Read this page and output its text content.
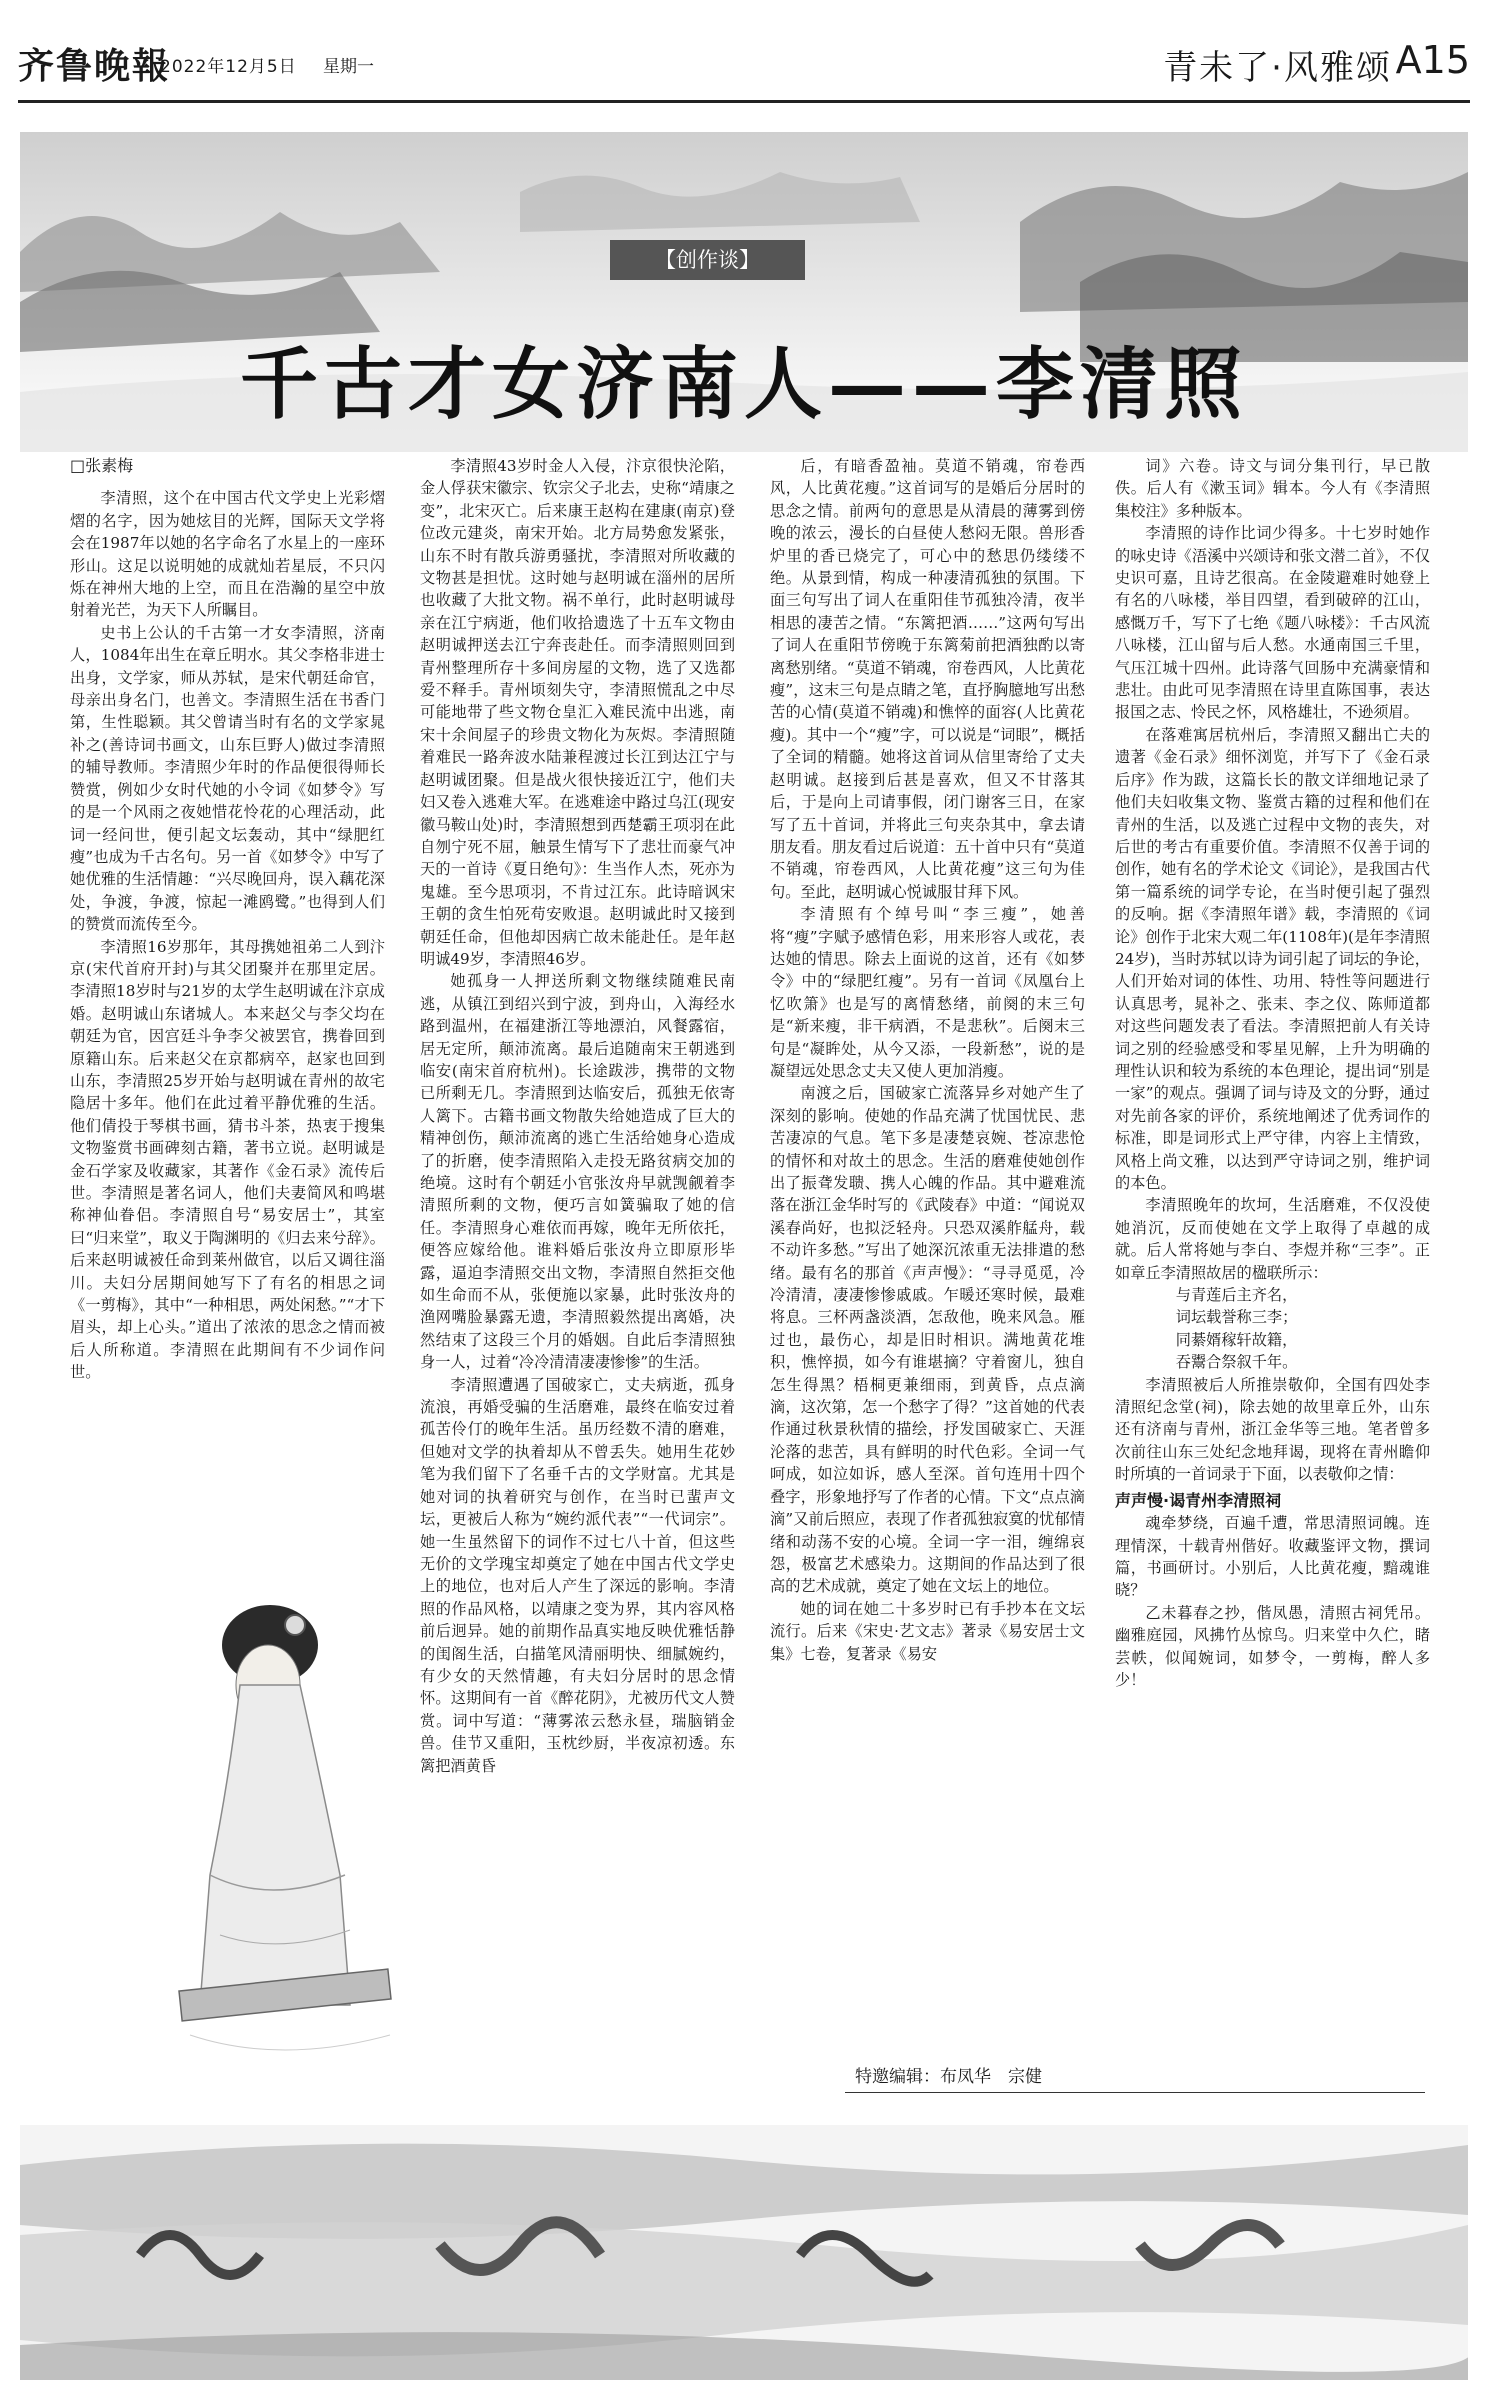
齐鲁晚報
2022年12月5日 星期一	青未了·风雅颂 A15
【创作谈】
千古才女济南人——李清照

□张素梅

李清照，这个在中国古代文学史上光彩熠熠的名字，因为她炫目的光辉，国际天文学将会在1987年以她的名字命名了水星上的一座环形山。这足以说明她的成就灿若星辰，不只闪烁在神州大地的上空，而且在浩瀚的星空中放射着光芒，为天下人所瞩目。

史书上公认的千古第一才女李清照，济南人，1084年出生在章丘明水。其父李格非进士出身，文学家，师从苏轼，是宋代朝廷命官，母亲出身名门，也善文。李清照生活在书香门第，生性聪颖。其父曾请当时有名的文学家晁补之(善诗词书画文，山东巨野人)做过李清照的辅导教师。李清照少年时的作品便很得师长赞赏，例如少女时代她的小令词《如梦令》写的是一个风雨之夜她惜花怜花的心理活动，此词一经问世，便引起文坛轰动，其中“绿肥红瘦”也成为千古名句。另一首《如梦令》中写了她优雅的生活情趣：“兴尽晚回舟，误入藕花深处，争渡，争渡，惊起一滩鸥鹭。”也得到人们的赞赏而流传至今。

李清照16岁那年，其母携她祖弟二人到汴京(宋代首府开封)与其父团聚并在那里定居。李清照18岁时与21岁的太学生赵明诚在汴京成婚。赵明诚山东诸城人。本来赵父与李父均在朝廷为官，因宫廷斗争李父被罢官，携眷回到原籍山东。后来赵父在京都病卒，赵家也回到山东，李清照25岁开始与赵明诚在青州的故宅隐居十多年。他们在此过着平静优雅的生活。他们倩投于琴棋书画，猜书斗茶，热衷于搜集文物鉴赏书画碑刻古籍，著书立说。赵明诚是金石学家及收藏家，其著作《金石录》流传后世。李清照是著名词人，他们夫妻简风和鸣堪称神仙眷侣。李清照自号“易安居士”，其室曰“归来堂”，取义于陶渊明的《归去来兮辞》。后来赵明诚被任命到莱州做官，以后又调往淄川。夫妇分居期间她写下了有名的相思之词《一剪梅》，其中“一种相思，两处闲愁。”“才下眉头，却上心头。”道出了浓浓的思念之情而被后人所称道。李清照在此期间有不少词作问世。

李清照43岁时金人入侵，汴京很快沦陷，金人俘获宋徽宗、钦宗父子北去，史称“靖康之变”，北宋灭亡。后来康王赵构在建康(南京)登位改元建炎，南宋开始。北方局势愈发紧张，山东不时有散兵游勇骚扰，李清照对所收藏的文物甚是担忧。这时她与赵明诚在淄州的居所也收藏了大批文物。祸不单行，此时赵明诚母亲在江宁病逝，他们收拾遗选了十五车文物由赵明诚押送去江宁奔丧赴任。而李清照则回到青州整理所存十多间房屋的文物，选了又选都爱不释手。青州顷刻失守，李清照慌乱之中尽可能地带了些文物仓皇汇入难民流中出逃，南宋十余间屋子的珍贵文物化为灰烬。李清照随着难民一路奔波水陆兼程渡过长江到达江宁与赵明诚团聚。但是战火很快接近江宁，他们夫妇又卷入逃难大军。在逃难途中路过乌江(现安徽马鞍山处)时，李清照想到西楚霸王项羽在此自刎宁死不屈，触景生情写下了悲壮而豪气冲天的一首诗《夏日绝句》：生当作人杰，死亦为鬼雄。至今思项羽，不肯过江东。此诗暗讽宋王朝的贪生怕死苟安败退。赵明诚此时又接到朝廷任命，但他却因病亡故未能赴任。是年赵明诚49岁，李清照46岁。

她孤身一人押送所剩文物继续随难民南逃，从镇江到绍兴到宁波，到舟山，入海经水路到温州，在福建浙江等地漂泊，风餐露宿，居无定所，颠沛流离。最后追随南宋王朝逃到临安(南宋首府杭州)。长途跋涉，携带的文物已所剩无几。李清照到达临安后，孤独无依寄人篱下。古籍书画文物散失给她造成了巨大的精神创伤，颠沛流离的逃亡生活给她身心造成了的折磨，使李清照陷入走投无路贫病交加的绝境。这时有个朝廷小官张汝舟早就觊觎着李清照所剩的文物，便巧言如簧骗取了她的信任。李清照身心难依而再嫁，晚年无所依托，便答应嫁给他。谁料婚后张汝舟立即原形毕露，逼迫李清照交出文物，李清照自然拒交他如生命而不从，张便施以家暴，此时张汝舟的渔网嘴脸暴露无遗，李清照毅然提出离婚，决然结束了这段三个月的婚姻。自此后李清照独身一人，过着“冷冷清清凄凄惨惨”的生活。

李清照遭遇了国破家亡，丈夫病逝，孤身流浪，再婚受骗的生活磨难，最终在临安过着孤苦伶仃的晚年生活。虽历经数不清的磨难，但她对文学的执着却从不曾丢失。她用生花妙笔为我们留下了名垂千古的文学财富。尤其是她对词的执着研究与创作，在当时已蜚声文坛，更被后人称为“婉约派代表”“一代词宗”。她一生虽然留下的词作不过七八十首，但这些无价的文学瑰宝却奠定了她在中国古代文学史上的地位，也对后人产生了深远的影响。李清照的作品风格，以靖康之变为界，其内容风格前后迥异。她的前期作品真实地反映优雅恬静的闺阁生活，白描笔风清丽明快、细腻婉约，有少女的天然情趣，有夫妇分居时的思念情怀。这期间有一首《醉花阴》，尤被历代文人赞赏。词中写道：“薄雾浓云愁永昼，瑞脑销金兽。佳节又重阳，玉枕纱厨，半夜凉初透。东篱把酒黄昏

后，有暗香盈袖。莫道不销魂，帘卷西风，人比黄花瘦。”这首词写的是婚后分居时的思念之情。前两句的意思是从清晨的薄雾到傍晚的浓云，漫长的白昼使人愁闷无限。兽形香炉里的香已烧完了，可心中的愁思仍缕缕不绝。从景到情，构成一种凄清孤独的氛围。下面三句写出了词人在重阳佳节孤独冷清，夜半相思的凄苦之情。“东篱把酒……”这两句写出了词人在重阳节傍晚于东篱菊前把酒独酌以寄离愁别绪。“莫道不销魂，帘卷西风，人比黄花瘦”，这末三句是点睛之笔，直抒胸臆地写出愁苦的心情(莫道不销魂)和憔悴的面容(人比黄花瘦)。其中一个“瘦”字，可以说是“词眼”，概括了全词的精髓。她将这首词从信里寄给了丈夫赵明诚。赵接到后甚是喜欢，但又不甘落其后，于是向上司请事假，闭门谢客三日，在家写了五十首词，并将此三句夹杂其中，拿去请朋友看。朋友看过后说道：五十首中只有“莫道不销魂，帘卷西风，人比黄花瘦”这三句为佳句。至此，赵明诚心悦诚服甘拜下风。

李清照有个绰号叫“李三瘦”，她善将“瘦”字赋予感情色彩，用来形容人或花，表达她的情思。除去上面说的这首，还有《如梦令》中的“绿肥红瘦”。另有一首词《凤凰台上忆吹箫》也是写的离情愁绪，前阕的末三句是“新来瘦，非干病酒，不是悲秋”。后阕末三句是“凝眸处，从今又添，一段新愁”，说的是凝望远处思念丈夫又使人更加消瘦。

南渡之后，国破家亡流落异乡对她产生了深刻的影响。使她的作品充满了忧国忧民、悲苦凄凉的气息。笔下多是凄楚哀婉、苍凉悲怆的情怀和对故土的思念。生活的磨难使她创作出了振聋发聩、携人心魄的作品。其中避难流落在浙江金华时写的《武陵春》中道：“闻说双溪春尚好，也拟泛轻舟。只恐双溪舴艋舟，载不动许多愁。”写出了她深沉浓重无法排遣的愁绪。最有名的那首《声声慢》：“寻寻觅觅，冷冷清清，凄凄惨惨戚戚。乍暖还寒时候，最难将息。三杯两盏淡酒，怎敌他，晚来风急。雁过也，最伤心，却是旧时相识。满地黄花堆积，憔悴损，如今有谁堪摘？守着窗儿，独自怎生得黑？梧桐更兼细雨，到黄昏，点点滴滴，这次第，怎一个愁字了得？”这首她的代表作通过秋景秋情的描绘，抒发国破家亡、天涯沦落的悲苦，具有鲜明的时代色彩。全词一气呵成，如泣如诉，感人至深。首句连用十四个叠字，形象地抒写了作者的心情。下文“点点滴滴”又前后照应，表现了作者孤独寂寞的忧郁情绪和动荡不安的心境。全词一字一泪，缠绵哀怨，极富艺术感染力。这期间的作品达到了很高的艺术成就，奠定了她在文坛上的地位。

她的词在她二十多岁时已有手抄本在文坛流行。后来《宋史·艺文志》著录《易安居士文集》七卷，复著录《易安

词》六卷。诗文与词分集刊行，早已散佚。后人有《漱玉词》辑本。今人有《李清照集校注》多种版本。

李清照的诗作比词少得多。十七岁时她作的咏史诗《浯溪中兴颂诗和张文潜二首》，不仅史识可嘉，且诗艺很高。在金陵避难时她登上有名的八咏楼，举目四望，看到破碎的江山，感慨万千，写下了七绝《题八咏楼》：千古风流八咏楼，江山留与后人愁。水通南国三千里，气压江城十四州。此诗落气回肠中充满豪情和悲壮。由此可见李清照在诗里直陈国事，表达报国之志、怜民之怀，风格雄壮，不逊须眉。

在落难寓居杭州后，李清照又翻出亡夫的遗著《金石录》细怀浏览，并写下了《金石录后序》作为跋，这篇长长的散文详细地记录了他们夫妇收集文物、鉴赏古籍的过程和他们在青州的生活，以及逃亡过程中文物的丧失，对后世的考古有重要价值。李清照不仅善于词的创作，她有名的学术论文《词论》，是我国古代第一篇系统的词学专论，在当时便引起了强烈的反响。据《李清照年谱》载，李清照的《词论》创作于北宋大观二年(1108年)(是年李清照24岁)，当时苏轼以诗为词引起了词坛的争论，人们开始对词的体性、功用、特性等问题进行认真思考，晁补之、张耒、李之仪、陈师道都对这些问题发表了看法。李清照把前人有关诗词之别的经验感受和零星见解，上升为明确的理性认识和较为系统的本色理论，提出词“别是一家”的观点。强调了词与诗及文的分野，通过对先前各家的评价，系统地阐述了优秀词作的标准，即是词形式上严守律，内容上主情致，风格上尚文雅，以达到严守诗词之别，维护词的本色。

李清照晚年的坎坷，生活磨难，不仅没使她消沉，反而使她在文学上取得了卓越的成就。后人常将她与李白、李煜并称“三李”。正如章丘李清照故居的楹联所示：

与青莲后主齐名，

词坛载誉称三李；

同綦婿稼轩故籍，

吞鬻合祭叙千年。

李清照被后人所推崇敬仰，全国有四处李清照纪念堂(祠)，除去她的故里章丘外，山东还有济南与青州，浙江金华等三地。笔者曾多次前往山东三处纪念地拜谒，现将在青州瞻仰时所填的一首词录于下面，以表敬仰之情：

声声慢·谒青州李清照祠

魂牵梦绕，百遍千遭，常思清照词魄。连理情深，十载青州偕好。收藏鉴评文物，撰词篇，书画研讨。小别后，人比黄花瘦，黯魂谁晓？

乙未暮春之抄，偕凤愚，清照古祠凭吊。幽雅庭园，风拂竹丛惊鸟。归来堂中久伫，睹芸帙，似闻婉词，如梦令，一剪梅，醉人多少！

特邀编辑：布凤华　宗健
